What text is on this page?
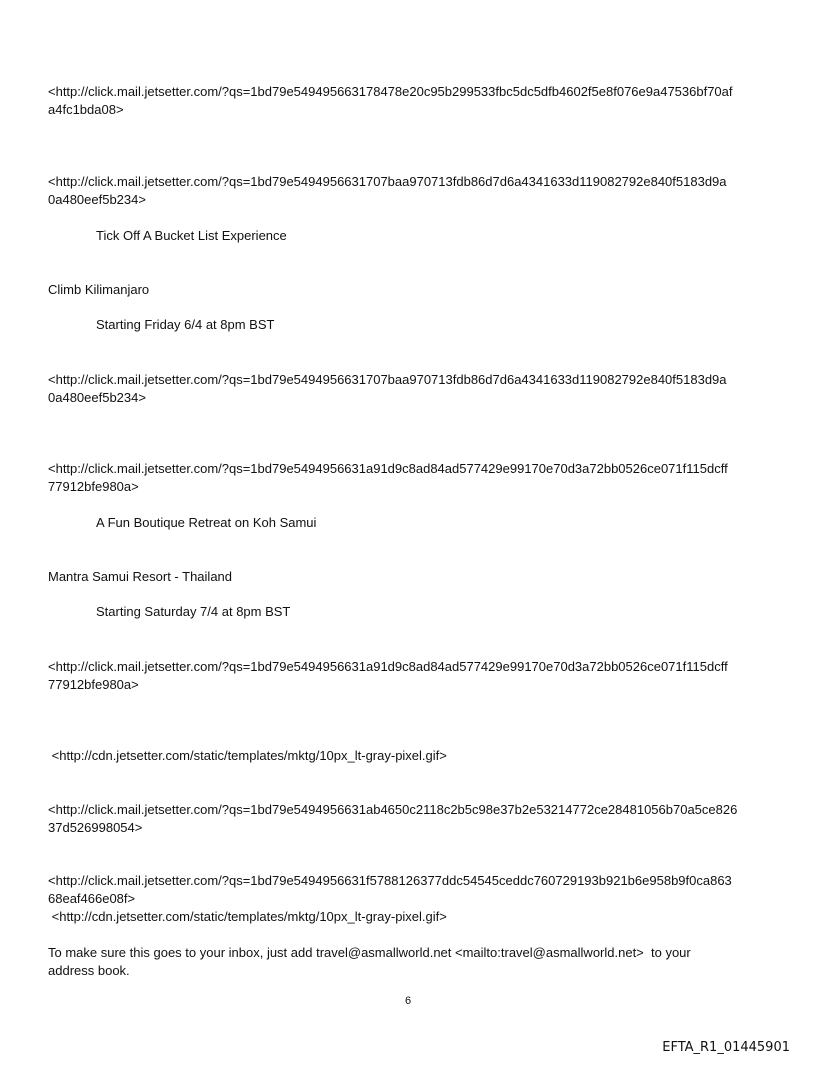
<http://click.mail.jetsetter.com/?qs=1bd79e549495663178478e20c95b299533fbc5dc5dfb4602f5e8f076e9a47536bf70af
a4fc1bda08>
<http://click.mail.jetsetter.com/?qs=1bd79e5494956631707baa970713fdb86d7d6a4341633d119082792e840f5183d9a
0a480eef5b234>
Tick Off A Bucket List Experience
Climb Kilimanjaro
Starting Friday 6/4 at 8pm BST
<http://click.mail.jetsetter.com/?qs=1bd79e5494956631707baa970713fdb86d7d6a4341633d119082792e840f5183d9a
0a480eef5b234>
<http://click.mail.jetsetter.com/?qs=1bd79e5494956631a91d9c8ad84ad577429e99170e70d3a72bb0526ce071f115dcff
77912bfe980a>
A Fun Boutique Retreat on Koh Samui
Mantra Samui Resort - Thailand
Starting Saturday 7/4 at 8pm BST
<http://click.mail.jetsetter.com/?qs=1bd79e5494956631a91d9c8ad84ad577429e99170e70d3a72bb0526ce071f115dcff
77912bfe980a>
<http://cdn.jetsetter.com/static/templates/mktg/10px_lt-gray-pixel.gif>
<http://click.mail.jetsetter.com/?qs=1bd79e5494956631ab4650c2118c2b5c98e37b2e53214772ce28481056b70a5ce826
37d526998054>
<http://click.mail.jetsetter.com/?qs=1bd79e5494956631f5788126377ddc54545ceddc760729193b921b6e958b9f0ca863
68eaf466e08f>
<http://cdn.jetsetter.com/static/templates/mktg/10px_lt-gray-pixel.gif>
To make sure this goes to your inbox, just add travel@asmallworld.net <mailto:travel@asmallworld.net>  to your
address book.
6
EFTA_R1_01445901
